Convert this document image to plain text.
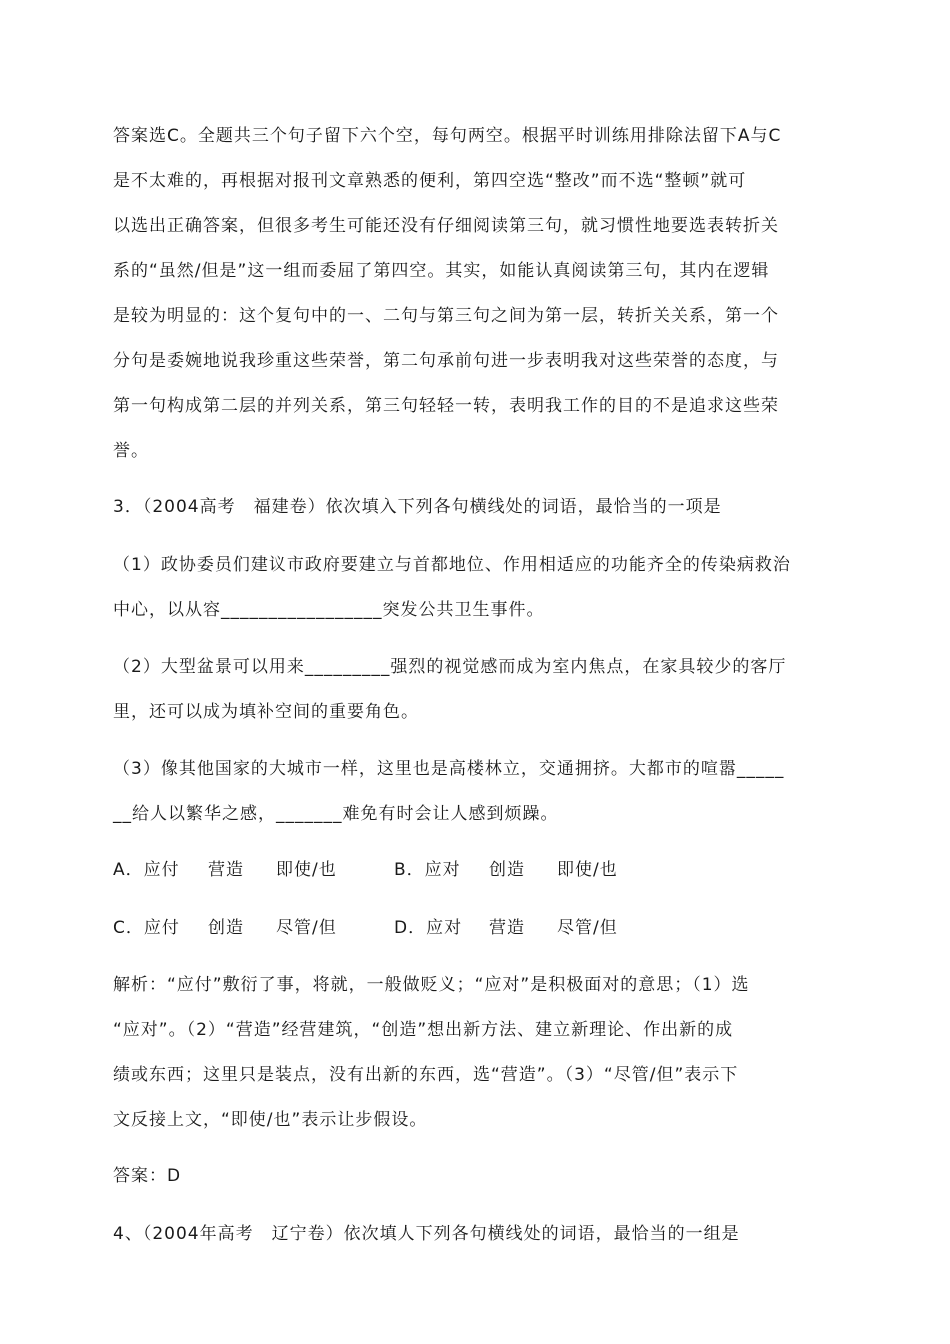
答案选C。全题共三个句子留下六个空，每句两空。根据平时训练用排除法留下A与C
是不太难的，再根据对报刊文章熟悉的便利，第四空选“整改”而不选“整顿”就可
以选出正确答案，但很多考生可能还没有仔细阅读第三句，就习惯性地要选表转折关
系的“虽然/但是”这一组而委屈了第四空。其实，如能认真阅读第三句，其内在逻辑
是较为明显的：这个复句中的一、二句与第三句之间为第一层，转折关关系，第一个
分句是委婉地说我珍重这些荣誉，第二句承前句进一步表明我对这些荣誉的态度，与
第一句构成第二层的并列关系，第三句轻轻一转，表明我工作的目的不是追求这些荣
誉。
3．（2004高考　福建卷）依次填入下列各句横线处的词语，最恰当的一项是
（1）政协委员们建议市政府要建立与首都地位、作用相适应的功能齐全的传染病救治
中心，以从容_________________突发公共卫生事件。
（2）大型盆景可以用来_________强烈的视觉感而成为室内焦点，在家具较少的客厅
里，还可以成为填补空间的重要角色。
（3）像其他国家的大城市一样，这里也是高楼林立，交通拥挤。大都市的喧嚣_____
__给人以繁华之感，_______难免有时会让人感到烦躁。
A．应付 营造 即使/也	B．应对 创造 即使/也
C．应付 创造 尽管/但	D．应对 营造 尽管/但
解析：“应付”敷衍了事，将就，一般做贬义；“应对”是积极面对的意思；（1）选
“应对”。（2）“营造”经营建筑，“创造”想出新方法、建立新理论、作出新的成
绩或东西；这里只是装点，没有出新的东西，选“营造”。（3）“尽管/但”表示下
文反接上文，“即使/也”表示让步假设。
答案：D
4、（2004年高考　辽宁卷）依次填人下列各句横线处的词语，最恰当的一组是
